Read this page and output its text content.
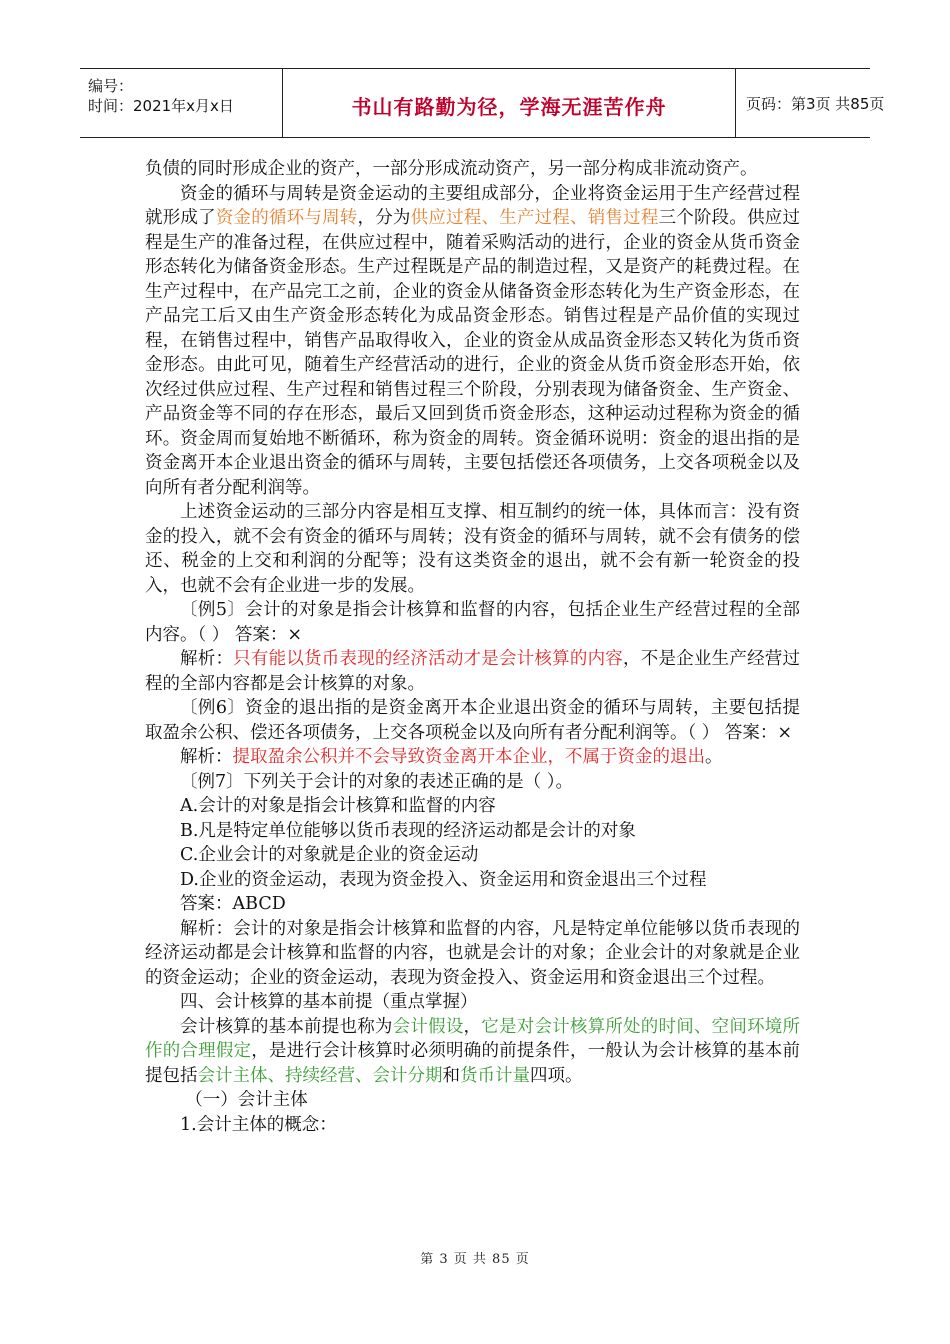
编号：
时间：2021年x月x日	书山有路勤为径，学海无涯苦作舟	页码：第3页 共85页

负债的同时形成企业的资产，一部分形成流动资产，另一部分构成非流动资产。

资金的循环与周转是资金运动的主要组成部分，企业将资金运用于生产经营过程就形成了资金的循环与周转，分为供应过程、生产过程、销售过程三个阶段。供应过程是生产的准备过程，在供应过程中，随着采购活动的进行，企业的资金从货币资金形态转化为储备资金形态。生产过程既是产品的制造过程，又是资产的耗费过程。在生产过程中，在产品完工之前，企业的资金从储备资金形态转化为生产资金形态，在产品完工后又由生产资金形态转化为成品资金形态。销售过程是产品价值的实现过程，在销售过程中，销售产品取得收入，企业的资金从成品资金形态又转化为货币资金形态。由此可见，随着生产经营活动的进行，企业的资金从货币资金形态开始，依次经过供应过程、生产过程和销售过程三个阶段，分别表现为储备资金、生产资金、产品资金等不同的存在形态，最后又回到货币资金形态，这种运动过程称为资金的循环。资金周而复始地不断循环，称为资金的周转。资金循环说明：资金的退出指的是资金离开本企业退出资金的循环与周转，主要包括偿还各项债务，上交各项税金以及向所有者分配利润等。

上述资金运动的三部分内容是相互支撑、相互制约的统一体，具体而言：没有资金的投入，就不会有资金的循环与周转；没有资金的循环与周转，就不会有债务的偿还、税金的上交和利润的分配等；没有这类资金的退出，就不会有新一轮资金的投入，也就不会有企业进一步的发展。

〔例5〕会计的对象是指会计核算和监督的内容，包括企业生产经营过程的全部内容。（ ） 答案：×

解析：只有能以货币表现的经济活动才是会计核算的内容，不是企业生产经营过程的全部内容都是会计核算的对象。

〔例6〕资金的退出指的是资金离开本企业退出资金的循环与周转，主要包括提取盈余公积、偿还各项债务，上交各项税金以及向所有者分配利润等。（ ） 答案：×

解析：提取盈余公积并不会导致资金离开本企业，不属于资金的退出。

〔例7〕下列关于会计的对象的表述正确的是（ ）。

A.会计的对象是指会计核算和监督的内容

B.凡是特定单位能够以货币表现的经济运动都是会计的对象

C.企业会计的对象就是企业的资金运动

D.企业的资金运动，表现为资金投入、资金运用和资金退出三个过程

答案：ABCD

解析：会计的对象是指会计核算和监督的内容，凡是特定单位能够以货币表现的经济运动都是会计核算和监督的内容，也就是会计的对象；企业会计的对象就是企业的资金运动；企业的资金运动，表现为资金投入、资金运用和资金退出三个过程。

四、会计核算的基本前提（重点掌握）

会计核算的基本前提也称为会计假设，它是对会计核算所处的时间、空间环境所作的合理假定，是进行会计核算时必须明确的前提条件，一般认为会计核算的基本前提包括会计主体、持续经营、会计分期和货币计量四项。

（一）会计主体

1.会计主体的概念：

第 3 页 共 85 页
